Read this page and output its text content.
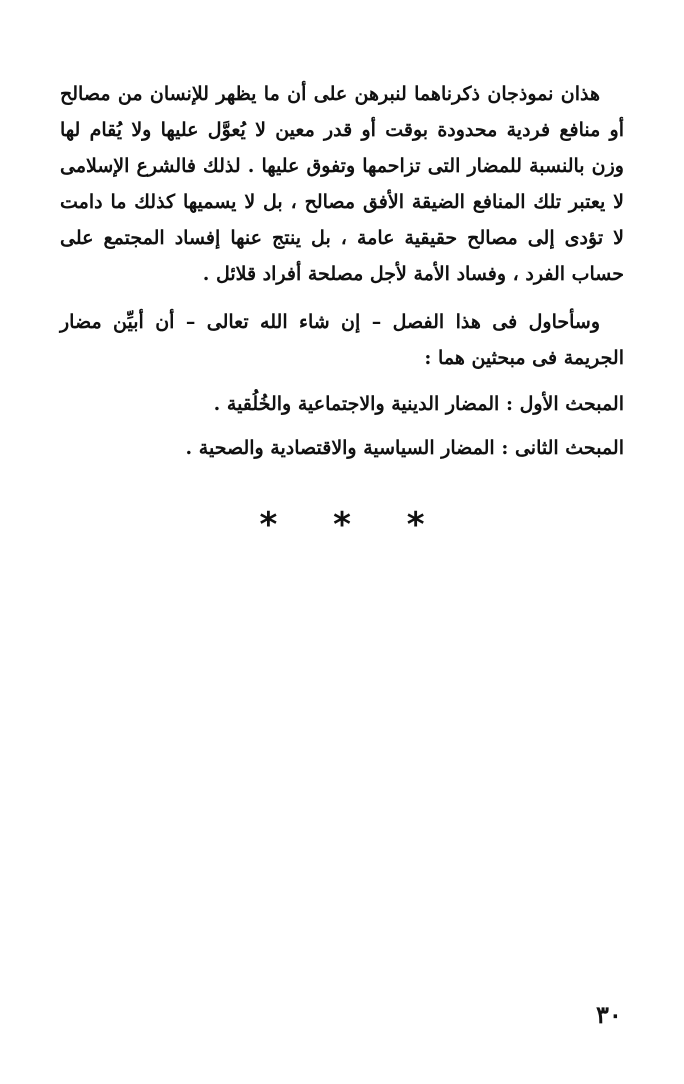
هذان نموذجان ذكرناهما لنبرهن على أن ما يظهر للإنسان من مصالح أو منافع فردية محدودة بوقت أو قدر معين لا يُعوَّل عليها ولا يُقام لها وزن بالنسبة للمضار التى تزاحمها وتفوق عليها . لذلك فالشرع الإسلامى لا يعتبر تلك المنافع الضيقة الأفق مصالح ، بل لا يسميها كذلك ما دامت لا تؤدى إلى مصالح حقيقية عامة ، بل ينتج عنها إفساد المجتمع على حساب الفرد ، وفساد الأمة لأجل مصلحة أفراد قلائل .

وسأحاول فى هذا الفصل – إن شاء الله تعالى – أن أبيِّن مضار الجريمة فى مبحثين هما :

المبحث الأول : المضار الدينية والاجتماعية والخُلُقية .

المبحث الثانى : المضار السياسية والاقتصادية والصحية .

* * *
٣٠
